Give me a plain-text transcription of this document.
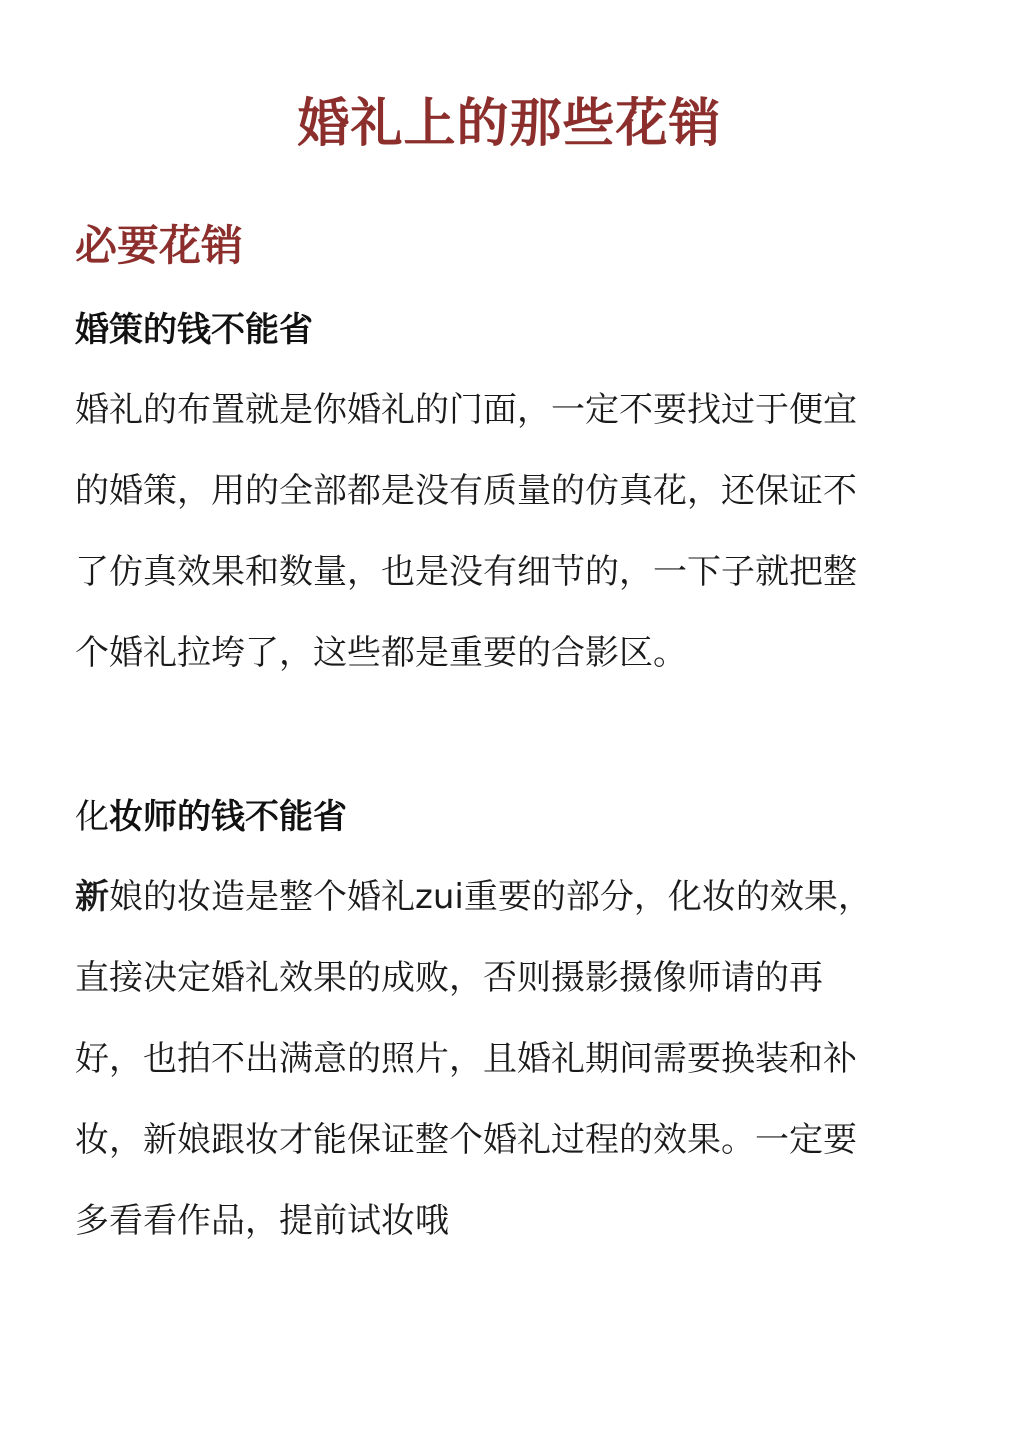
婚礼上的那些花销
必要花销
婚策的钱不能省
婚礼的布置就是你婚礼的门面，一定不要找过于便宜
的婚策，用的全部都是没有质量的仿真花，还保证不
了仿真效果和数量，也是没有细节的，一下子就把整
个婚礼拉垮了，这些都是重要的合影区。
化妆师的钱不能省
新娘的妆造是整个婚礼zui重要的部分，化妆的效果，
直接决定婚礼效果的成败，否则摄影摄像师请的再
好，也拍不出满意的照片，且婚礼期间需要换装和补
妆，新娘跟妆才能保证整个婚礼过程的效果。一定要
多看看作品，提前试妆哦
